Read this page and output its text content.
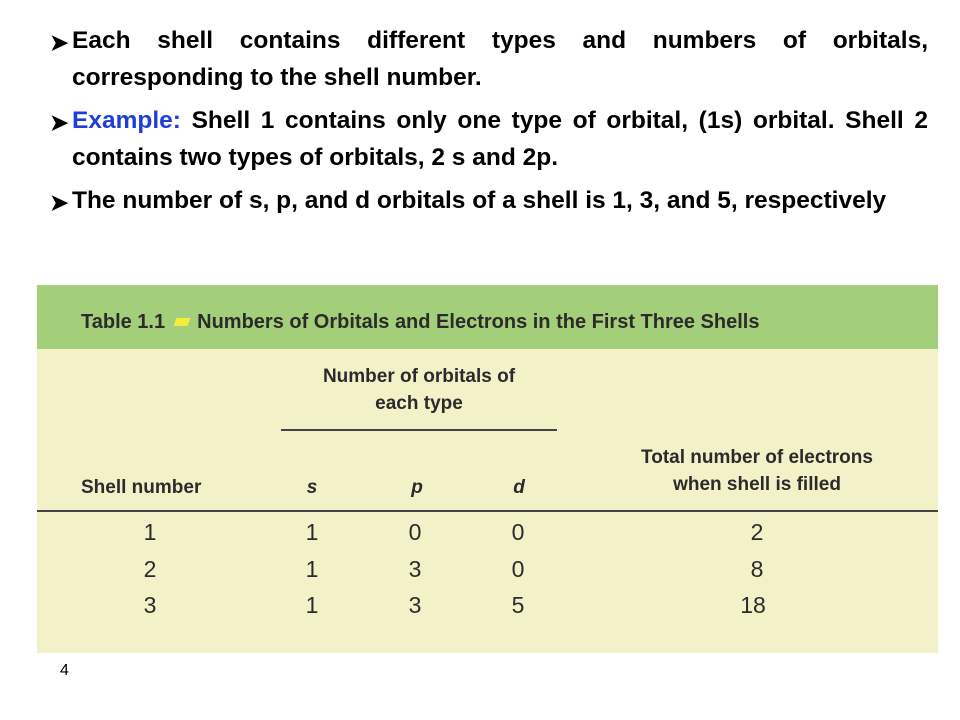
➤ Each shell contains different types and numbers of orbitals, corresponding to the shell number.
➤ Example: Shell 1 contains only one type of orbital, (1s) orbital. Shell 2 contains two types of orbitals, 2 s and 2p.
➤ The number of s, p, and d orbitals of a shell is 1, 3, and 5, respectively
Table 1.1 Numbers of Orbitals and Electrons in the First Three Shells
Number of orbitals of
each type
Shell number	s	p	d
Total number of electrons
when shell is filled
1	1	0	0	2
2	1	3	0	8
3	1	3	5	18
4
